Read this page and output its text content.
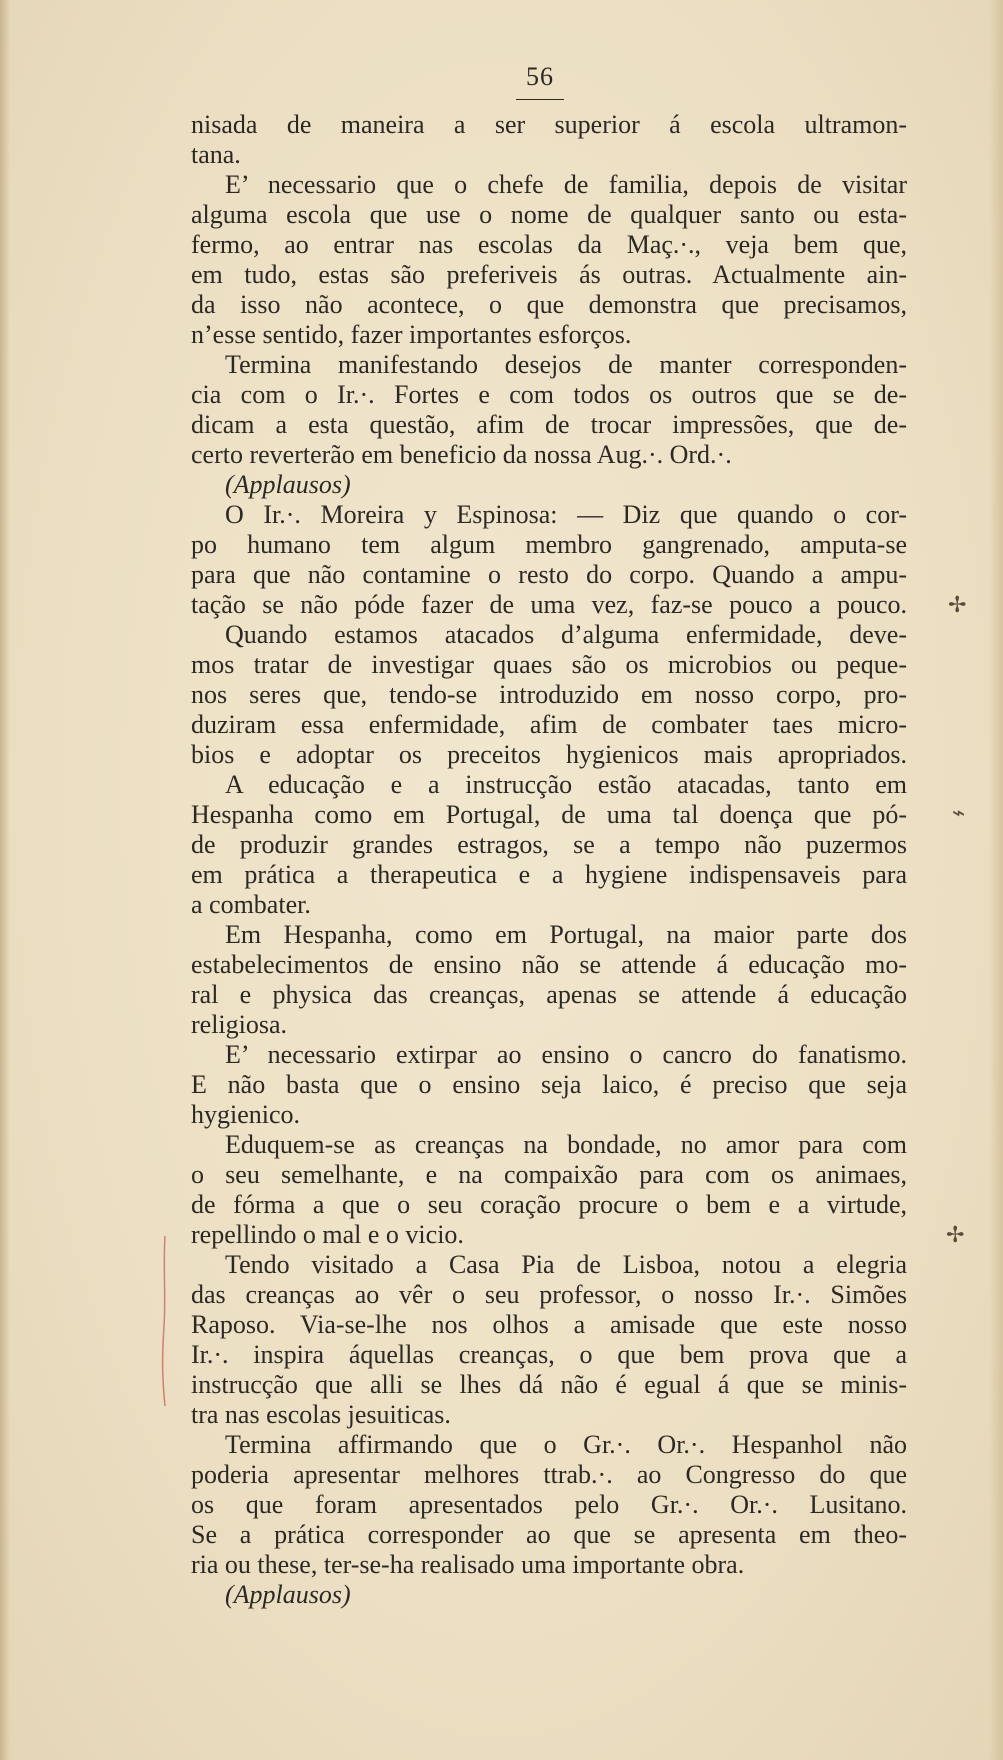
56
nisada de maneira a ser superior á escola ultramon-
tana.
E’ necessario que o chefe de familia, depois de visitar
alguma escola que use o nome de qualquer santo ou esta-
fermo, ao entrar nas escolas da Maç.·., veja bem que,
em tudo, estas são preferiveis ás outras. Actualmente ain-
da isso não acontece, o que demonstra que precisamos,
n’esse sentido, fazer importantes esforços.
Termina manifestando desejos de manter corresponden-
cia com o Ir.·. Fortes e com todos os outros que se de-
dicam a esta questão, afim de trocar impressões, que de-
certo reverterão em beneficio da nossa Aug.·. Ord.·.
(Applausos)
O Ir.·. Moreira y Espinosa: — Diz que quando o cor-
po humano tem algum membro gangrenado, amputa-se
para que não contamine o resto do corpo. Quando a ampu-
tação se não póde fazer de uma vez, faz-se pouco a pouco.
Quando estamos atacados d’alguma enfermidade, deve-
mos tratar de investigar quaes são os microbios ou peque-
nos seres que, tendo-se introduzido em nosso corpo, pro-
duziram essa enfermidade, afim de combater taes micro-
bios e adoptar os preceitos hygienicos mais apropriados.
A educação e a instrucção estão atacadas, tanto em
Hespanha como em Portugal, de uma tal doença que pó-
de produzir grandes estragos, se a tempo não puzermos
em prática a therapeutica e a hygiene indispensaveis para
a combater.
Em Hespanha, como em Portugal, na maior parte dos
estabelecimentos de ensino não se attende á educação mo-
ral e physica das creanças, apenas se attende á educação
religiosa.
E’ necessario extirpar ao ensino o cancro do fanatismo.
E não basta que o ensino seja laico, é preciso que seja
hygienico.
Eduquem-se as creanças na bondade, no amor para com
o seu semelhante, e na compaixão para com os animaes,
de fórma a que o seu coração procure o bem e a virtude,
repellindo o mal e o vicio.
Tendo visitado a Casa Pia de Lisboa, notou a elegria
das creanças ao vêr o seu professor, o nosso Ir.·. Simões
Raposo. Via-se-lhe nos olhos a amisade que este nosso
Ir.·. inspira áquellas creanças, o que bem prova que a
instrucção que alli se lhes dá não é egual á que se minis-
tra nas escolas jesuiticas.
Termina affirmando que o Gr.·. Or.·. Hespanhol não
poderia apresentar melhores ttrab.·. ao Congresso do que
os que foram apresentados pelo Gr.·. Or.·. Lusitano.
Se a prática corresponder ao que se apresenta em theo-
ria ou these, ter-se-ha realisado uma importante obra.
(Applausos)
✢
⌁
✢
